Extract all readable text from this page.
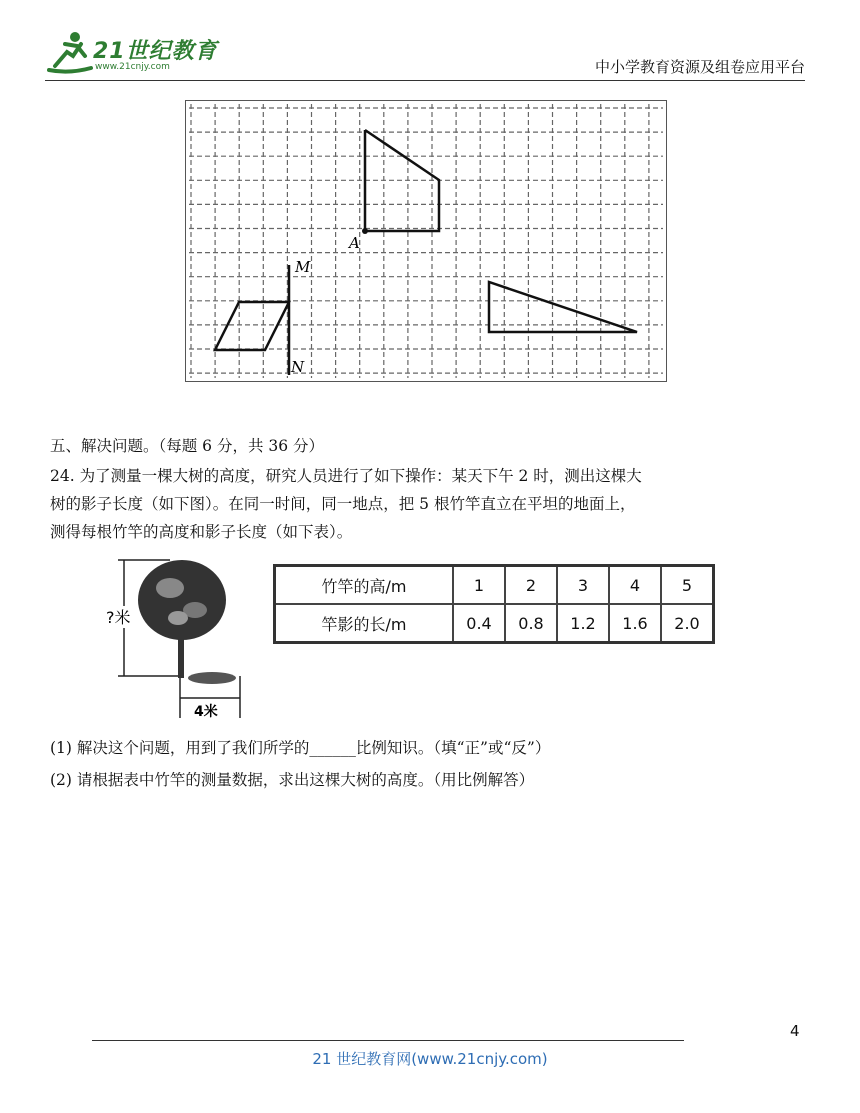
21世纪教育
www.21cnjy.com	中小学教育资源及组卷应用平台
A
M
N
五、解决问题。（每题 6 分，共 36 分）
24. 为了测量一棵大树的高度，研究人员进行了如下操作：某天下午 2 时，测出这棵大
树的影子长度（如下图）。在同一时间，同一地点，把 5 根竹竿直立在平坦的地面上，
测得每根竹竿的高度和影子长度（如下表）。
?米
4米
竹竿的高/m	1	2	3	4	5
竿影的长/m	0.4	0.8	1.2	1.6	2.0
(1) 解决这个问题，用到了我们所学的______比例知识。（填“正”或“反”）
(2) 请根据表中竹竿的测量数据，求出这棵大树的高度。（用比例解答）
4
21 世纪教育网(www.21cnjy.com)
